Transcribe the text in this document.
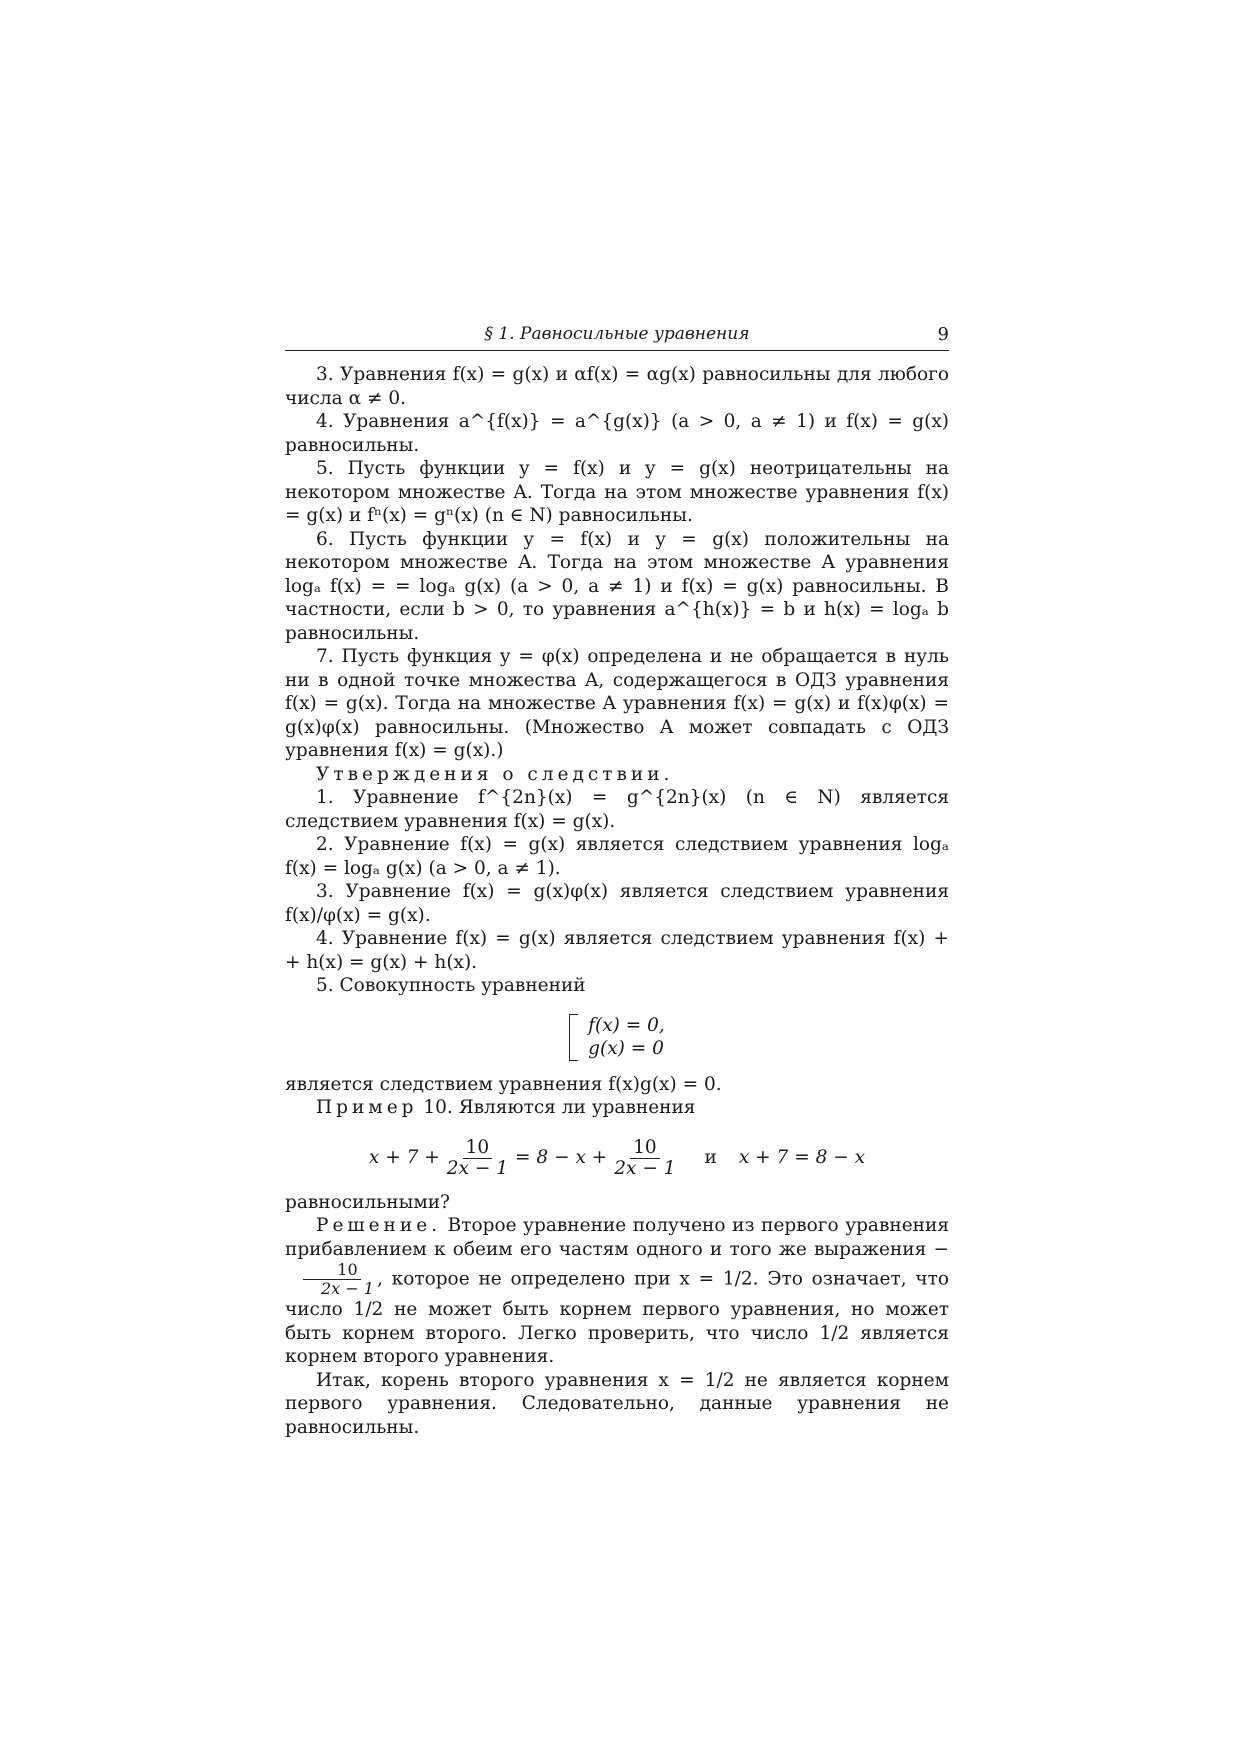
§ 1. Равносильные уравнения	9

3. Уравнения f(x) = g(x) и αf(x) = αg(x) равносильны для любого числа α ≠ 0.

4. Уравнения a^{f(x)} = a^{g(x)} (a > 0, a ≠ 1) и f(x) = g(x) равносильны.

5. Пусть функции y = f(x) и y = g(x) неотрицательны на некотором множестве A. Тогда на этом множестве уравнения f(x) = g(x) и fⁿ(x) = gⁿ(x) (n ∈ N) равносильны.

6. Пусть функции y = f(x) и y = g(x) положительны на некотором множестве A. Тогда на этом множестве A уравнения logₐ f(x) = = logₐ g(x) (a > 0, a ≠ 1) и f(x) = g(x) равносильны. В частности, если b > 0, то уравнения a^{h(x)} = b и h(x) = logₐ b равносильны.

7. Пусть функция y = φ(x) определена и не обращается в нуль ни в одной точке множества A, содержащегося в ОДЗ уравнения f(x) = g(x). Тогда на множестве A уравнения f(x) = g(x) и f(x)φ(x) = g(x)φ(x) равносильны. (Множество A может совпадать с ОДЗ уравнения f(x) = g(x).)

Утверждения о следствии.

1. Уравнение f^{2n}(x) = g^{2n}(x) (n ∈ N) является следствием уравнения f(x) = g(x).

2. Уравнение f(x) = g(x) является следствием уравнения logₐ f(x) = logₐ g(x) (a > 0, a ≠ 1).

3. Уравнение f(x) = g(x)φ(x) является следствием уравнения f(x)/φ(x) = g(x).

4. Уравнение f(x) = g(x) является следствием уравнения f(x) + + h(x) = g(x) + h(x).

5. Совокупность уравнений

f(x) = 0,
g(x) = 0

является следствием уравнения f(x)g(x) = 0.

Пример 10. Являются ли уравнения

$x + 7 + \frac{10}{2x - 1} = 8 - x + \frac{10}{2x - 1}$ и x + 7 = 8 − x

равносильными?

Решение. Второе уравнение получено из первого уравнения прибавлением к обеим его частям одного и того же выражения −
$\frac{10}{2x - 1}$ , которое не определено при x = 1/2. Это означает, что число 1/2 не может быть корнем первого уравнения, но может быть корнем второго. Легко проверить, что число 1/2 является корнем второго уравнения.

Итак, корень второго уравнения x = 1/2 не является корнем первого уравнения. Следовательно, данные уравнения не равносильны.
